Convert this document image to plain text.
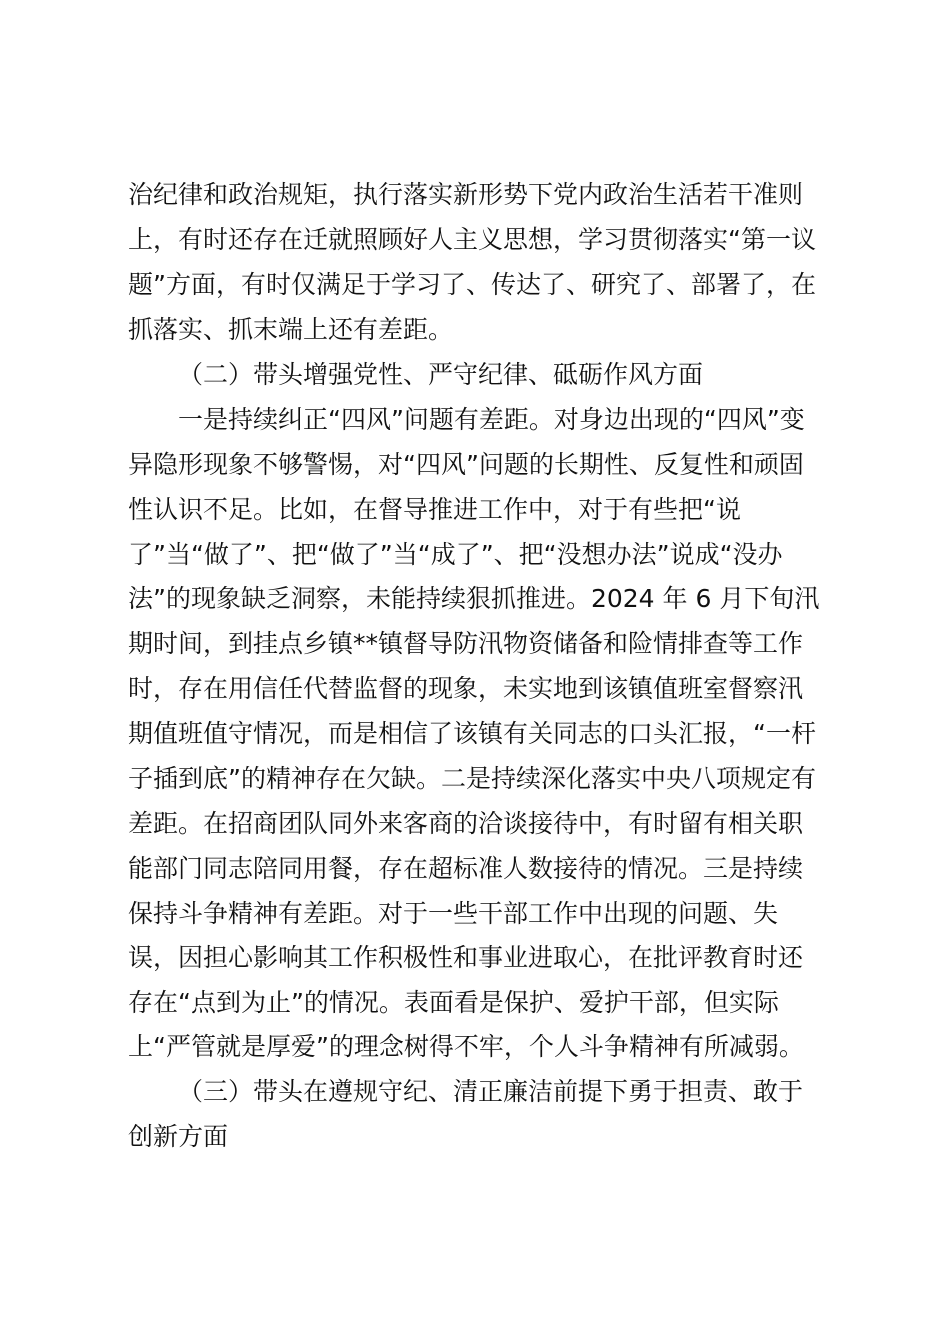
治纪律和政治规矩，执行落实新形势下党内政治生活若干准则
上，有时还存在迁就照顾好人主义思想，学习贯彻落实“第一议
题”方面，有时仅满足于学习了、传达了、研究了、部署了，在
抓落实、抓末端上还有差距。
（二）带头增强党性、严守纪律、砥砺作风方面
一是持续纠正“四风”问题有差距。对身边出现的“四风”变
异隐形现象不够警惕，对“四风”问题的长期性、反复性和顽固
性认识不足。比如，在督导推进工作中，对于有些把“说
了”当“做了”、把“做了”当“成了”、把“没想办法”说成“没办
法”的现象缺乏洞察，未能持续狠抓推进。2024 年 6 月下旬汛
期时间，到挂点乡镇**镇督导防汛物资储备和险情排查等工作
时，存在用信任代替监督的现象，未实地到该镇值班室督察汛
期值班值守情况，而是相信了该镇有关同志的口头汇报，“一杆
子插到底”的精神存在欠缺。二是持续深化落实中央八项规定有
差距。在招商团队同外来客商的洽谈接待中，有时留有相关职
能部门同志陪同用餐，存在超标准人数接待的情况。三是持续
保持斗争精神有差距。对于一些干部工作中出现的问题、失
误，因担心影响其工作积极性和事业进取心，在批评教育时还
存在“点到为止”的情况。表面看是保护、爱护干部，但实际
上“严管就是厚爱”的理念树得不牢，个人斗争精神有所减弱。
（三）带头在遵规守纪、清正廉洁前提下勇于担责、敢于
创新方面
